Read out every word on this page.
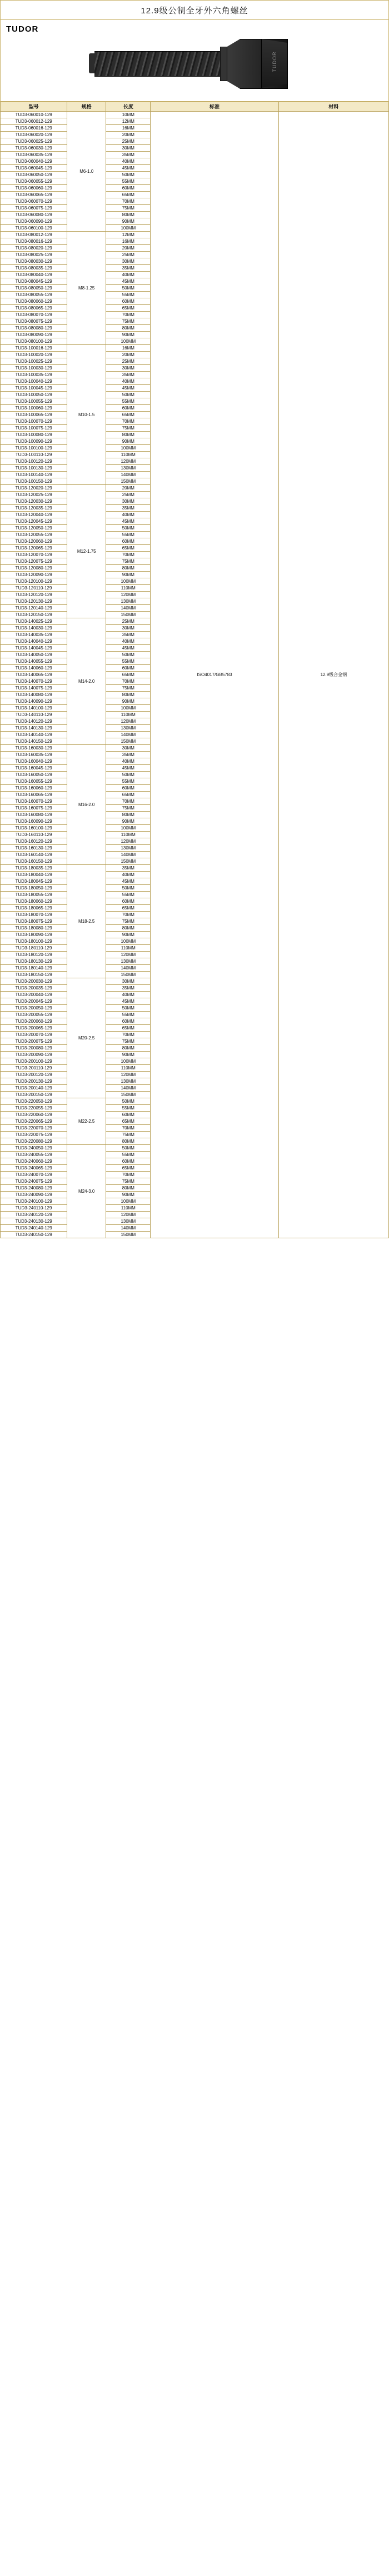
12.9级公制全牙外六角螺丝
TUDOR
TUDOR
型号	规格	长度	标准	材料
TUD3-060010-129	M6-1.0	10MM	ISO4017/GB5783	12.9级合金钢
TUD3-060012-129		12MM		
TUD3-060016-129		16MM		
TUD3-060020-129		20MM		
TUD3-060025-129		25MM		
TUD3-060030-129		30MM		
TUD3-060035-129		35MM		
TUD3-060040-129		40MM		
TUD3-060045-129		45MM		
TUD3-060050-129		50MM		
TUD3-060055-129		55MM		
TUD3-060060-129		60MM		
TUD3-060065-129		65MM		
TUD3-060070-129		70MM		
TUD3-060075-129		75MM		
TUD3-060080-129		80MM		
TUD3-060090-129		90MM		
TUD3-060100-129		100MM		
TUD3-080012-129	M8-1.25	12MM		
TUD3-080016-129		16MM		
TUD3-080020-129		20MM		
TUD3-080025-129		25MM		
TUD3-080030-129		30MM		
TUD3-080035-129		35MM		
TUD3-080040-129		40MM		
TUD3-080045-129		45MM		
TUD3-080050-129		50MM		
TUD3-080055-129		55MM		
TUD3-080060-129		60MM		
TUD3-080065-129		65MM		
TUD3-080070-129		70MM		
TUD3-080075-129		75MM		
TUD3-080080-129		80MM		
TUD3-080090-129		90MM		
TUD3-080100-129		100MM		
TUD3-100016-129	M10-1.5	16MM		
TUD3-100020-129		20MM		
TUD3-100025-129		25MM		
TUD3-100030-129		30MM		
TUD3-100035-129		35MM		
TUD3-100040-129		40MM		
TUD3-100045-129		45MM		
TUD3-100050-129		50MM		
TUD3-100055-129		55MM		
TUD3-100060-129		60MM		
TUD3-100065-129		65MM		
TUD3-100070-129		70MM		
TUD3-100075-129		75MM		
TUD3-100080-129		80MM		
TUD3-100090-129		90MM		
TUD3-100100-129		100MM		
TUD3-100110-129		110MM		
TUD3-100120-129		120MM		
TUD3-100130-129		130MM		
TUD3-100140-129		140MM		
TUD3-100150-129		150MM		
TUD3-120020-129	M12-1.75	20MM		
TUD3-120025-129		25MM		
TUD3-120030-129		30MM		
TUD3-120035-129		35MM		
TUD3-120040-129		40MM		
TUD3-120045-129		45MM		
TUD3-120050-129		50MM		
TUD3-120055-129		55MM		
TUD3-120060-129		60MM		
TUD3-120065-129		65MM		
TUD3-120070-129		70MM		
TUD3-120075-129		75MM		
TUD3-120080-129		80MM		
TUD3-120090-129		90MM		
TUD3-120100-129		100MM		
TUD3-120110-129		110MM		
TUD3-120120-129		120MM		
TUD3-120130-129		130MM		
TUD3-120140-129		140MM		
TUD3-120150-129		150MM		
TUD3-140025-129	M14-2.0	25MM		
TUD3-140030-129		30MM		
TUD3-140035-129		35MM		
TUD3-140040-129		40MM		
TUD3-140045-129		45MM		
TUD3-140050-129		50MM		
TUD3-140055-129		55MM		
TUD3-140060-129		60MM		
TUD3-140065-129		65MM		
TUD3-140070-129		70MM		
TUD3-140075-129		75MM		
TUD3-140080-129		80MM		
TUD3-140090-129		90MM		
TUD3-140100-129		100MM		
TUD3-140110-129		110MM		
TUD3-140120-129		120MM		
TUD3-140130-129		130MM		
TUD3-140140-129		140MM		
TUD3-140150-129		150MM		
TUD3-160030-129	M16-2.0	30MM		
TUD3-160035-129		35MM		
TUD3-160040-129		40MM		
TUD3-160045-129		45MM		
TUD3-160050-129		50MM		
TUD3-160055-129		55MM		
TUD3-160060-129		60MM		
TUD3-160065-129		65MM		
TUD3-160070-129		70MM		
TUD3-160075-129		75MM		
TUD3-160080-129		80MM		
TUD3-160090-129		90MM		
TUD3-160100-129		100MM		
TUD3-160110-129		110MM		
TUD3-160120-129		120MM		
TUD3-160130-129		130MM		
TUD3-160140-129		140MM		
TUD3-160150-129		150MM		
TUD3-180035-129	M18-2.5	35MM		
TUD3-180040-129		40MM		
TUD3-180045-129		45MM		
TUD3-180050-129		50MM		
TUD3-180055-129		55MM		
TUD3-180060-129		60MM		
TUD3-180065-129		65MM		
TUD3-180070-129		70MM		
TUD3-180075-129		75MM		
TUD3-180080-129		80MM		
TUD3-180090-129		90MM		
TUD3-180100-129		100MM		
TUD3-180110-129		110MM		
TUD3-180120-129		120MM		
TUD3-180130-129		130MM		
TUD3-180140-129		140MM		
TUD3-180150-129		150MM		
TUD3-200030-129	M20-2.5	30MM		
TUD3-200035-129		35MM		
TUD3-200040-129		40MM		
TUD3-200045-129		45MM		
TUD3-200050-129		50MM		
TUD3-200055-129		55MM		
TUD3-200060-129		60MM		
TUD3-200065-129		65MM		
TUD3-200070-129		70MM		
TUD3-200075-129		75MM		
TUD3-200080-129		80MM		
TUD3-200090-129		90MM		
TUD3-200100-129		100MM		
TUD3-200110-129		110MM		
TUD3-200120-129		120MM		
TUD3-200130-129		130MM		
TUD3-200140-129		140MM		
TUD3-200150-129		150MM		
TUD3-220050-129	M22-2.5	50MM		
TUD3-220055-129		55MM		
TUD3-220060-129		60MM		
TUD3-220065-129		65MM		
TUD3-220070-129		70MM		
TUD3-220075-129		75MM		
TUD3-220080-129		80MM		
TUD3-240050-129	M24-3.0	50MM		
TUD3-240055-129		55MM		
TUD3-240060-129		60MM		
TUD3-240065-129		65MM		
TUD3-240070-129		70MM		
TUD3-240075-129		75MM		
TUD3-240080-129		80MM		
TUD3-240090-129		90MM		
TUD3-240100-129		100MM		
TUD3-240110-129		110MM		
TUD3-240120-129		120MM		
TUD3-240130-129		130MM		
TUD3-240140-129		140MM		
TUD3-240150-129		150MM		
